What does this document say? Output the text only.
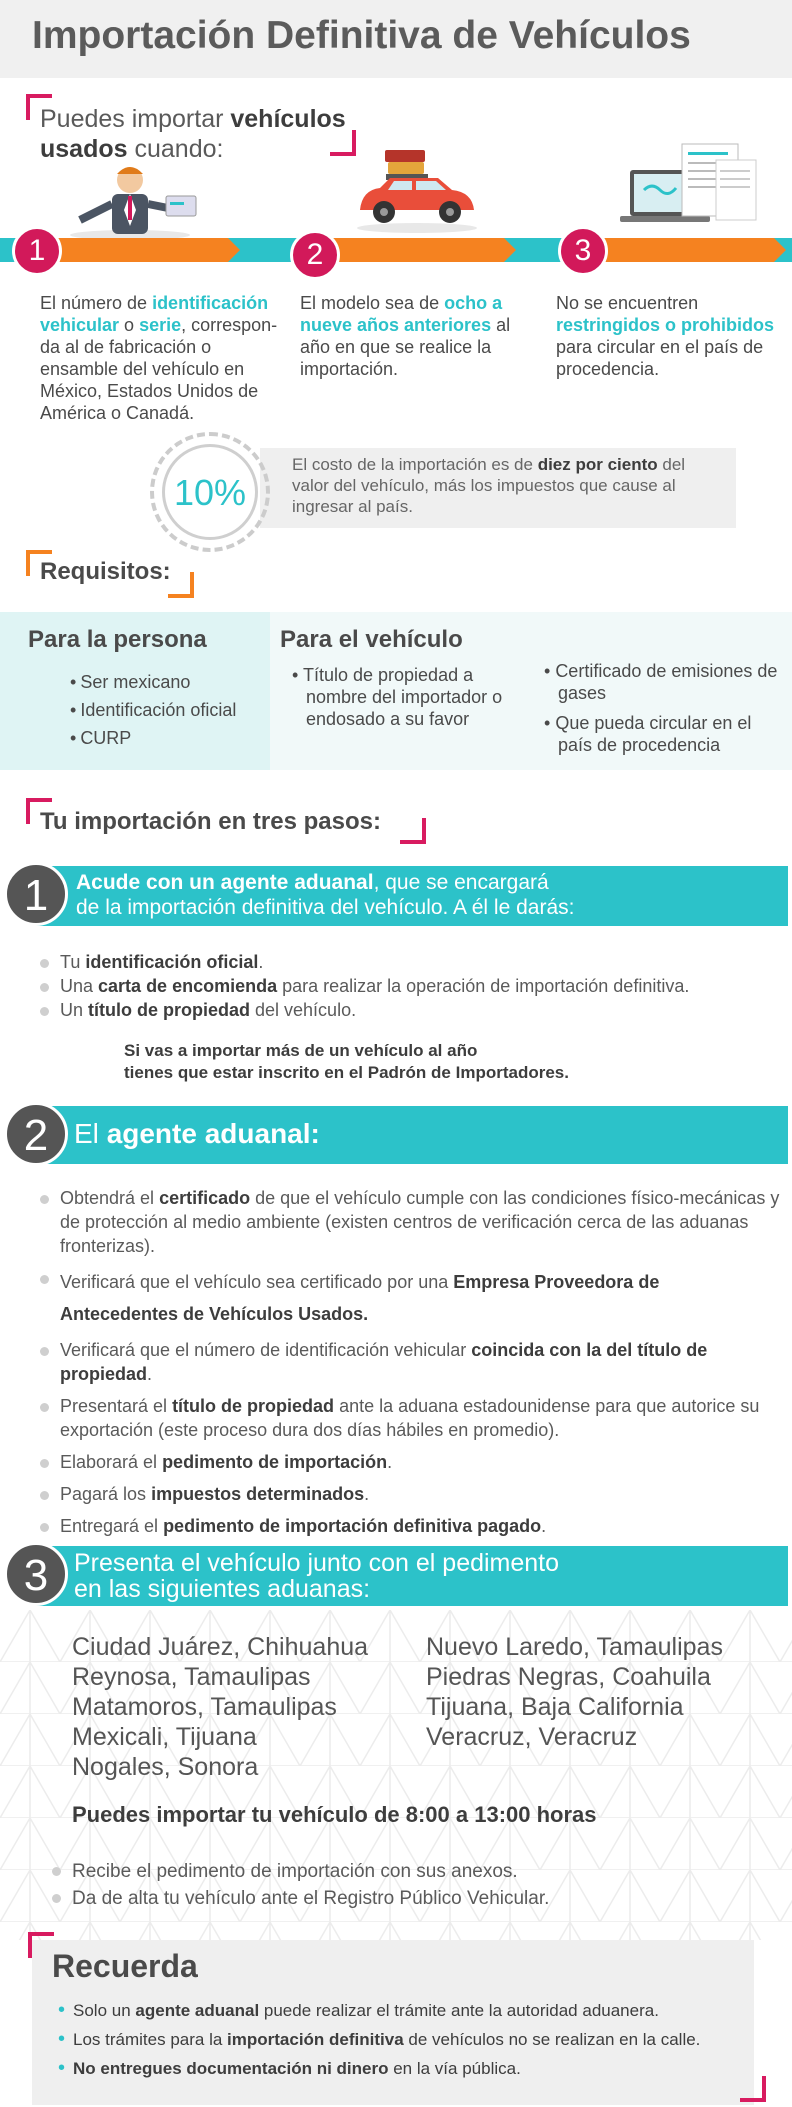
Importación Definitiva de Vehículos
Puedes importar vehículos
usados cuando:
1	2	3
El número de identificación vehicular o serie, correspon-da al de fabricación o ensamble del vehículo en México, Estados Unidos de América o Canadá.
El modelo sea de ocho a nueve años anteriores al año en que se realice la importación.
No se encuentren restringidos o prohibidos para circular en el país de procedencia.
10%
El costo de la importación es de diez por ciento del valor del vehículo, más los impuestos que cause al ingresar al país.
Requisitos:
Para la persona
• Ser mexicano
• Identificación oficial
• CURP
Para el vehículo
• Título de propiedad a nombre del importador o endosado a su favor
• Certificado de emisiones de gases
• Que pueda circular en el país de procedencia
Tu importación en tres pasos:
1	Acude con un agente aduanal, que se encargará
de la importación definitiva del vehículo. A él le darás:
Tu identificación oficial.
Una carta de encomienda para realizar la operación de importación definitiva.
Un título de propiedad del vehículo.
Si vas a importar más de un vehículo al año
tienes que estar inscrito en el Padrón de Importadores.
2 El agente aduanal:
Obtendrá el certificado de que el vehículo cumple con las condiciones físico-mecánicas y de protección al medio ambiente (existen centros de verificación cerca de las aduanas fronterizas).
Verificará que el vehículo sea certificado por una Empresa Proveedora de Antecedentes de Vehículos Usados.
Verificará que el número de identificación vehicular coincida con la del título de propiedad.
Presentará el título de propiedad ante la aduana estadounidense para que autorice su exportación (este proceso dura dos días hábiles en promedio).
Elaborará el pedimento de importación.
Pagará los impuestos determinados.
Entregará el pedimento de importación definitiva pagado.
3	Presenta el vehículo junto con el pedimento
en las siguientes aduanas:
Ciudad Juárez, Chihuahua
Reynosa, Tamaulipas
Matamoros, Tamaulipas
Mexicali, Tijuana
Nogales, Sonora
Nuevo Laredo, Tamaulipas
Piedras Negras, Coahuila
Tijuana, Baja California
Veracruz, Veracruz
Puedes importar tu vehículo de 8:00 a 13:00 horas
Recibe el pedimento de importación con sus anexos.
Da de alta tu vehículo ante el Registro Público Vehicular.
Recuerda
• Solo un agente aduanal puede realizar el trámite ante la autoridad aduanera.
• Los trámites para la importación definitiva de vehículos no se realizan en la calle.
• No entregues documentación ni dinero en la vía pública.
